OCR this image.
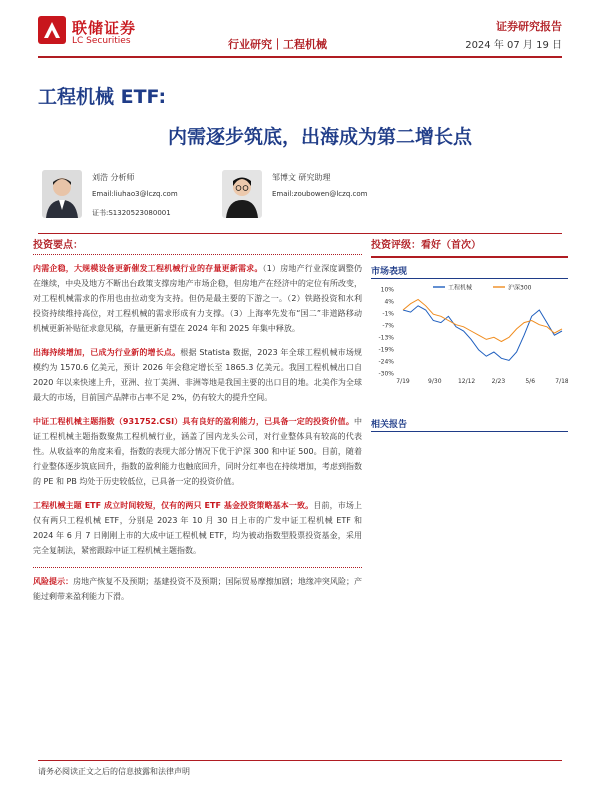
联储证券
LC Securities	行业研究｜工程机械
证券研究报告
2024 年 07 月 19 日
工程机械 ETF:
内需逐步筑底，出海成为第二增长点
刘浩 分析师
Email:liuhao3@lczq.com
证书:S1320523080001
邹博文 研究助理
Email:zoubowen@lczq.com
投资要点：

内需企稳，大规模设备更新催发工程机械行业的存量更新需求。（1）房地产行业深度调整仍在继续，中央及地方不断出台政策支撑房地产市场企稳，但房地产在经济中的定位有所改变，对工程机械需求的作用也由拉动变为支持。但仍是最主要的下游之一。（2）铁路投资和水利投资持续维持高位，对工程机械的需求形成有力支撑。（3）上海率先发布“国二”非道路移动机械更新补贴征求意见稿，存量更新有望在 2024 年和 2025 年集中释放。

出海持续增加，已成为行业新的增长点。根据 Statista 数据，2023 年全球工程机械市场规模约为 1570.6 亿美元，预计 2026 年会稳定增长至 1865.3 亿美元。我国工程机械出口自 2020 年以来快速上升，亚洲、拉丁美洲、非洲等地是我国主要的出口目的地。北美作为全球最大的市场，目前国产品牌市占率不足 2%，仍有较大的提升空间。

中证工程机械主题指数（931752.CSI）具有良好的盈利能力，已具备一定的投资价值。中证工程机械主题指数聚焦工程机械行业，涵盖了国内龙头公司，对行业整体具有较高的代表性。从收益率的角度来看，指数的表现大部分情况下优于沪深 300 和中证 500。目前，随着行业整体逐步筑底回升，指数的盈利能力也触底回升，同时分红率也在持续增加，考虑到指数的 PE 和 PB 均处于历史较低位，已具备一定的投资价值。

工程机械主题 ETF 成立时间较短，仅有的两只 ETF 基金投资策略基本一致。目前，市场上仅有两只工程机械 ETF，分别是 2023 年 10 月 30 日上市的广发中证工程机械 ETF 和 2024 年 6 月 7 日刚刚上市的大成中证工程机械 ETF，均为被动指数型股票投资基金，采用完全复制法，紧密跟踪中证工程机械主题指数。

风险提示：房地产恢复不及预期；基建投资不及预期；国际贸易摩擦加剧；地缘冲突风险；产能过剩带来盈利能力下滑。

投资评级：看好（首次）
市场表现
10%
4%
-1%
-7%
-13%
-19%
-24%
-30%
7/19	9/30	12/12	2/23	5/6	7/18
工程机械	沪深300
相关报告
请务必阅读正文之后的信息披露和法律声明
